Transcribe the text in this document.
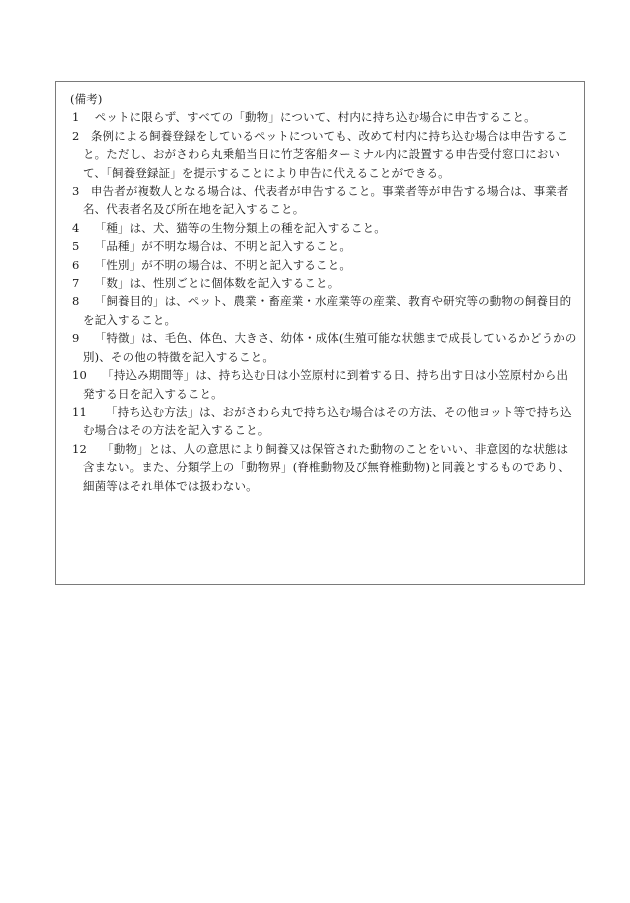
(備考)
1 ペットに限らず、すべての「動物」について、村内に持ち込む場合に申告すること。
2 条例による飼養登録をしているペットについても、改めて村内に持ち込む場合は申告すること。ただし、おがさわら丸乗船当日に竹芝客船ターミナル内に設置する申告受付窓口において、「飼養登録証」を提示することにより申告に代えることができる。
3 申告者が複数人となる場合は、代表者が申告すること。事業者等が申告する場合は、事業者名、代表者名及び所在地を記入すること。
4 「種」は、犬、猫等の生物分類上の種を記入すること。
5 「品種」が不明な場合は、不明と記入すること。
6 「性別」が不明の場合は、不明と記入すること。
7 「数」は、性別ごとに個体数を記入すること。
8 「飼養目的」は、ペット、農業・畜産業・水産業等の産業、教育や研究等の動物の飼養目的を記入すること。
9 「特徴」は、毛色、体色、大きさ、幼体・成体(生殖可能な状態まで成長しているかどうかの別)、その他の特徴を記入すること。
10 「持込み期間等」は、持ち込む日は小笠原村に到着する日、持ち出す日は小笠原村から出発する日を記入すること。
11 「持ち込む方法」は、おがさわら丸で持ち込む場合はその方法、その他ヨット等で持ち込む場合はその方法を記入すること。
12 「動物」とは、人の意思により飼養又は保管された動物のことをいい、非意図的な状態は含まない。また、分類学上の「動物界」(脊椎動物及び無脊椎動物)と同義とするものであり、細菌等はそれ単体では扱わない。
